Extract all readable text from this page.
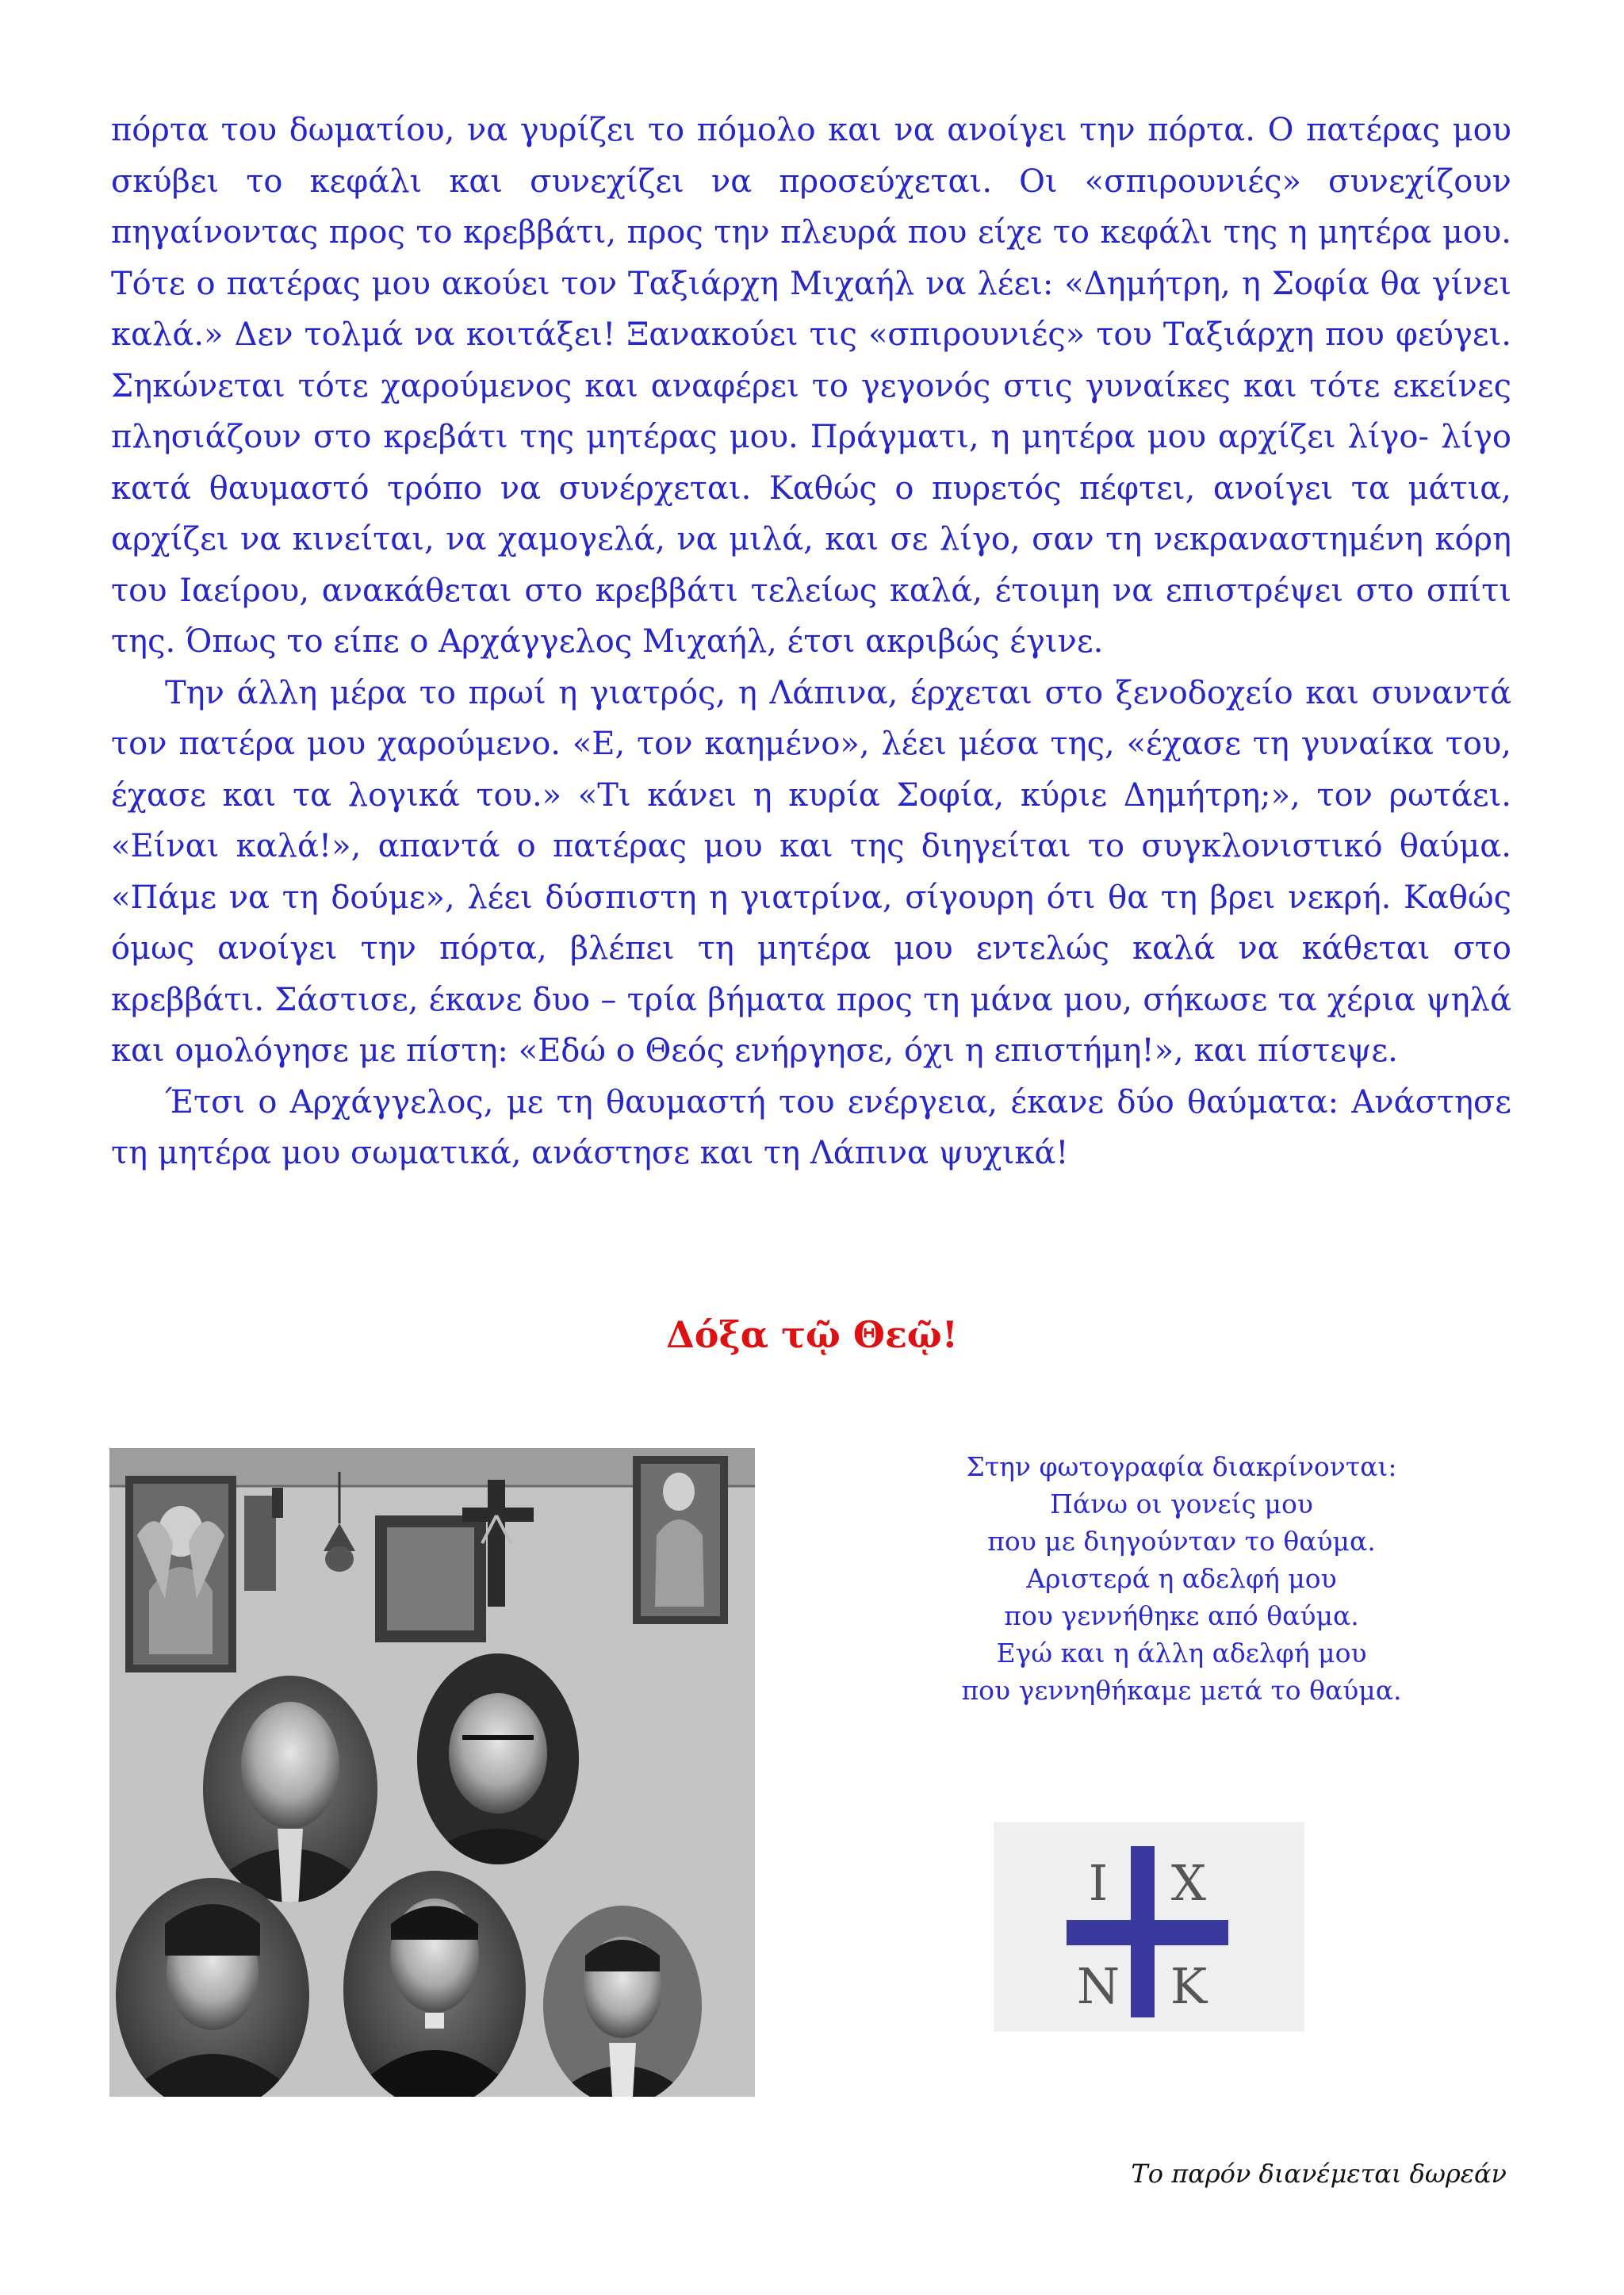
πόρτα του δωματίου, να γυρίζει το πόμολο και να ανοίγει την πόρτα. Ο πατέρας μου σκύβει το κεφάλι και συνεχίζει να προσεύχεται. Οι «σπιρουνιές» συνεχίζουν πηγαίνοντας προς το κρεββάτι, προς την πλευρά που είχε το κεφάλι της η μητέρα μου. Τότε ο πατέρας μου ακούει τον Ταξιάρχη Μιχαήλ να λέει: «Δημήτρη, η Σοφία θα γίνει καλά.» Δεν τολμά να κοιτάξει! Ξανακούει τις «σπιρουνιές» του Ταξιάρχη που φεύγει. Σηκώνεται τότε χαρούμενος και αναφέρει το γεγονός στις γυναίκες και τότε εκείνες πλησιάζουν στο κρεβάτι της μητέρας μου. Πράγματι, η μητέρα μου αρχίζει λίγο- λίγο κατά θαυμαστό τρόπο να συνέρχεται. Καθώς ο πυρετός πέφτει, ανοίγει τα μάτια, αρχίζει να κινείται, να χαμογελά, να μιλά, και σε λίγο, σαν τη νεκραναστημένη κόρη του Ιαείρου, ανακάθεται στο κρεββάτι τελείως καλά, έτοιμη να επιστρέψει στο σπίτι της. Όπως το είπε ο Αρχάγγελος Μιχαήλ, έτσι ακριβώς έγινε.

Την άλλη μέρα το πρωί η γιατρός, η Λάπινα, έρχεται στο ξενοδοχείο και συναντά τον πατέρα μου χαρούμενο. «Ε, τον καημένο», λέει μέσα της, «έχασε τη γυναίκα του, έχασε και τα λογικά του.» «Τι κάνει η κυρία Σοφία, κύριε Δημήτρη;», τον ρωτάει. «Είναι καλά!», απαντά ο πατέρας μου και της διηγείται το συγκλονιστικό θαύμα. «Πάμε να τη δούμε», λέει δύσπιστη η γιατρίνα, σίγουρη ότι θα τη βρει νεκρή. Καθώς όμως ανοίγει την πόρτα, βλέπει τη μητέρα μου εντελώς καλά να κάθεται στο κρεββάτι. Σάστισε, έκανε δυο – τρία βήματα προς τη μάνα μου, σήκωσε τα χέρια ψηλά και ομολόγησε με πίστη: «Εδώ ο Θεός ενήργησε, όχι η επιστήμη!», και πίστεψε.

Έτσι ο Αρχάγγελος, με τη θαυμαστή του ενέργεια, έκανε δύο θαύματα: Ανάστησε τη μητέρα μου σωματικά, ανάστησε και τη Λάπινα ψυχικά!

Δόξα τῷ Θεῷ!
Στην φωτογραφία διακρίνονται:
Πάνω οι γονείς μου
που με διηγούνταν το θαύμα.
Αριστερά η αδελφή μου
που γεννήθηκε από θαύμα.
Εγώ και η άλλη αδελφή μου
που γεννηθήκαμε μετά το θαύμα.
I X
N K
Το παρόν διανέμεται δωρεάν
